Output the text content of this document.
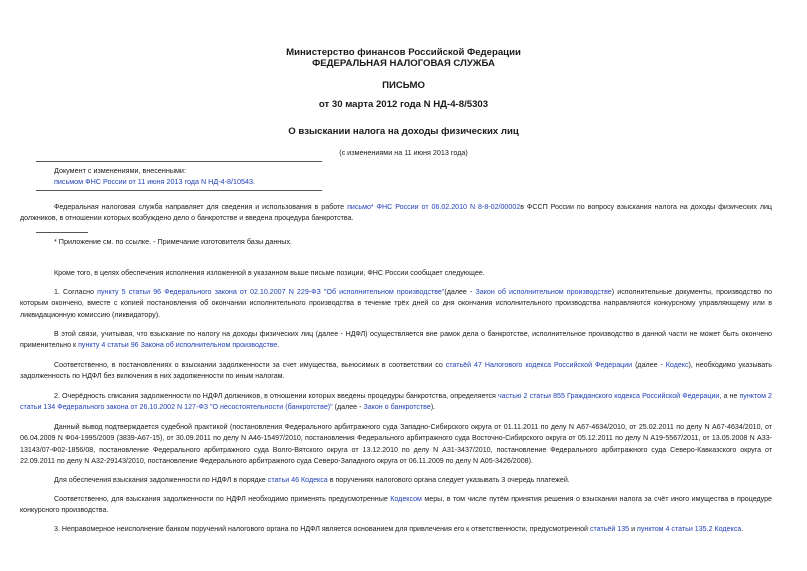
Министерство финансов Российской Федерации
ФЕДЕРАЛЬНАЯ НАЛОГОВАЯ СЛУЖБА
ПИСЬМО
от 30 марта 2012 года N НД-4-8/5303
О взыскании налога на доходы физических лиц
(с изменениями на 11 июня 2013 года)
Документ с изменениями, внесенными:
письмом ФНС России от 11 июня 2013 года N НД-4-8/10543.
Федеральная налоговая служба направляет для сведения и использования в работе письмо* ФНС России от 06.02.2010 N 8-8-02/00002в ФССП России по вопросу взыскания налога на доходы физических лиц должников, в отношении которых возбуждено дело о банкротстве и введена процедура банкротства.
* Приложение см. по ссылке. - Примечание изготовителя базы данных.
Кроме того, в целях обеспечения исполнения изложенной в указанном выше письме позиции, ФНС России сообщает следующее.
1. Согласно пункту 5 статьи 96 Федерального закона от 02.10.2007 N 229-ФЗ "Об исполнительном производстве"(далее - Закон об исполнительном производстве) исполнительные документы, производство по которым окончено, вместе с копией постановления об окончании исполнительного производства в течение трёх дней со дня окончания исполнительного производства направляются конкурсному управляющему или в ликвидационную комиссию (ликвидатору).
В этой связи, учитывая, что взыскание по налогу на доходы физических лиц (далее - НДФЛ) осуществляется вне рамок дела о банкротстве, исполнительное производство в данной части не может быть окончено применительно к пункту 4 статьи 96 Закона об исполнительном производстве.
Соответственно, в постановлениях о взыскании задолженности за счет имущества, выносимых в соответствии со статьёй 47 Налогового кодекса Российской Федерации (далее - Кодекс), необходимо указывать задолженность по НДФЛ без включения в них задолженности по иным налогам.
2. Очерёдность списания задолженности по НДФЛ должников, в отношении которых введены процедуры банкротства, определяется частью 2 статьи 855 Гражданского кодекса Российской Федерации, а не пунктом 2 статьи 134 Федерального закона от 26.10.2002 N 127-ФЗ "О несостоятельности (банкротстве)" (далее - Закон о банкротстве).
Данный вывод подтверждается судебной практикой (постановления Федерального арбитражного суда Западно-Сибирского округа от 01.11.2011 по делу N А67-4634/2010, от 25.02.2011 по делу N А67-4634/2010, от 06.04.2009 N Ф04-1995/2009 (3839-А67-15), от 30.09.2011 по делу N А46-15497/2010, постановления Федерального арбитражного суда Восточно-Сибирского округа от 05.12.2011 по делу N А19-5567/2011, от 13.05.2008 N А33-13143/07-Ф02-1856/08, постановление Федерального арбитражного суда Волго-Вятского округа от 13.12.2010 по делу N А31-3437/2010, постановление Федерального арбитражного суда Северо-Кавказского округа от 22.09.2011 по делу N А32-29143/2010, постановление Федерального арбитражного суда Северо-Западного округа от 06.11.2009 по делу N А05-3426/2008).
Для обеспечения взыскания задолженности по НДФЛ в порядке статьи 46 Кодекса в поручениях налогового органа следует указывать 3 очередь платежей.
Соответственно, для взыскания задолженности по НДФЛ необходимо применять предусмотренные Кодексом меры, в том числе путём принятия решения о взыскании налога за счёт иного имущества в процедуре конкурсного производства.
3. Неправомерное неисполнение банком поручений налогового органа по НДФЛ является основанием для привлечения его к ответственности, предусмотренной статьёй 135 и пунктом 4 статьи 135.2 Кодекса.
